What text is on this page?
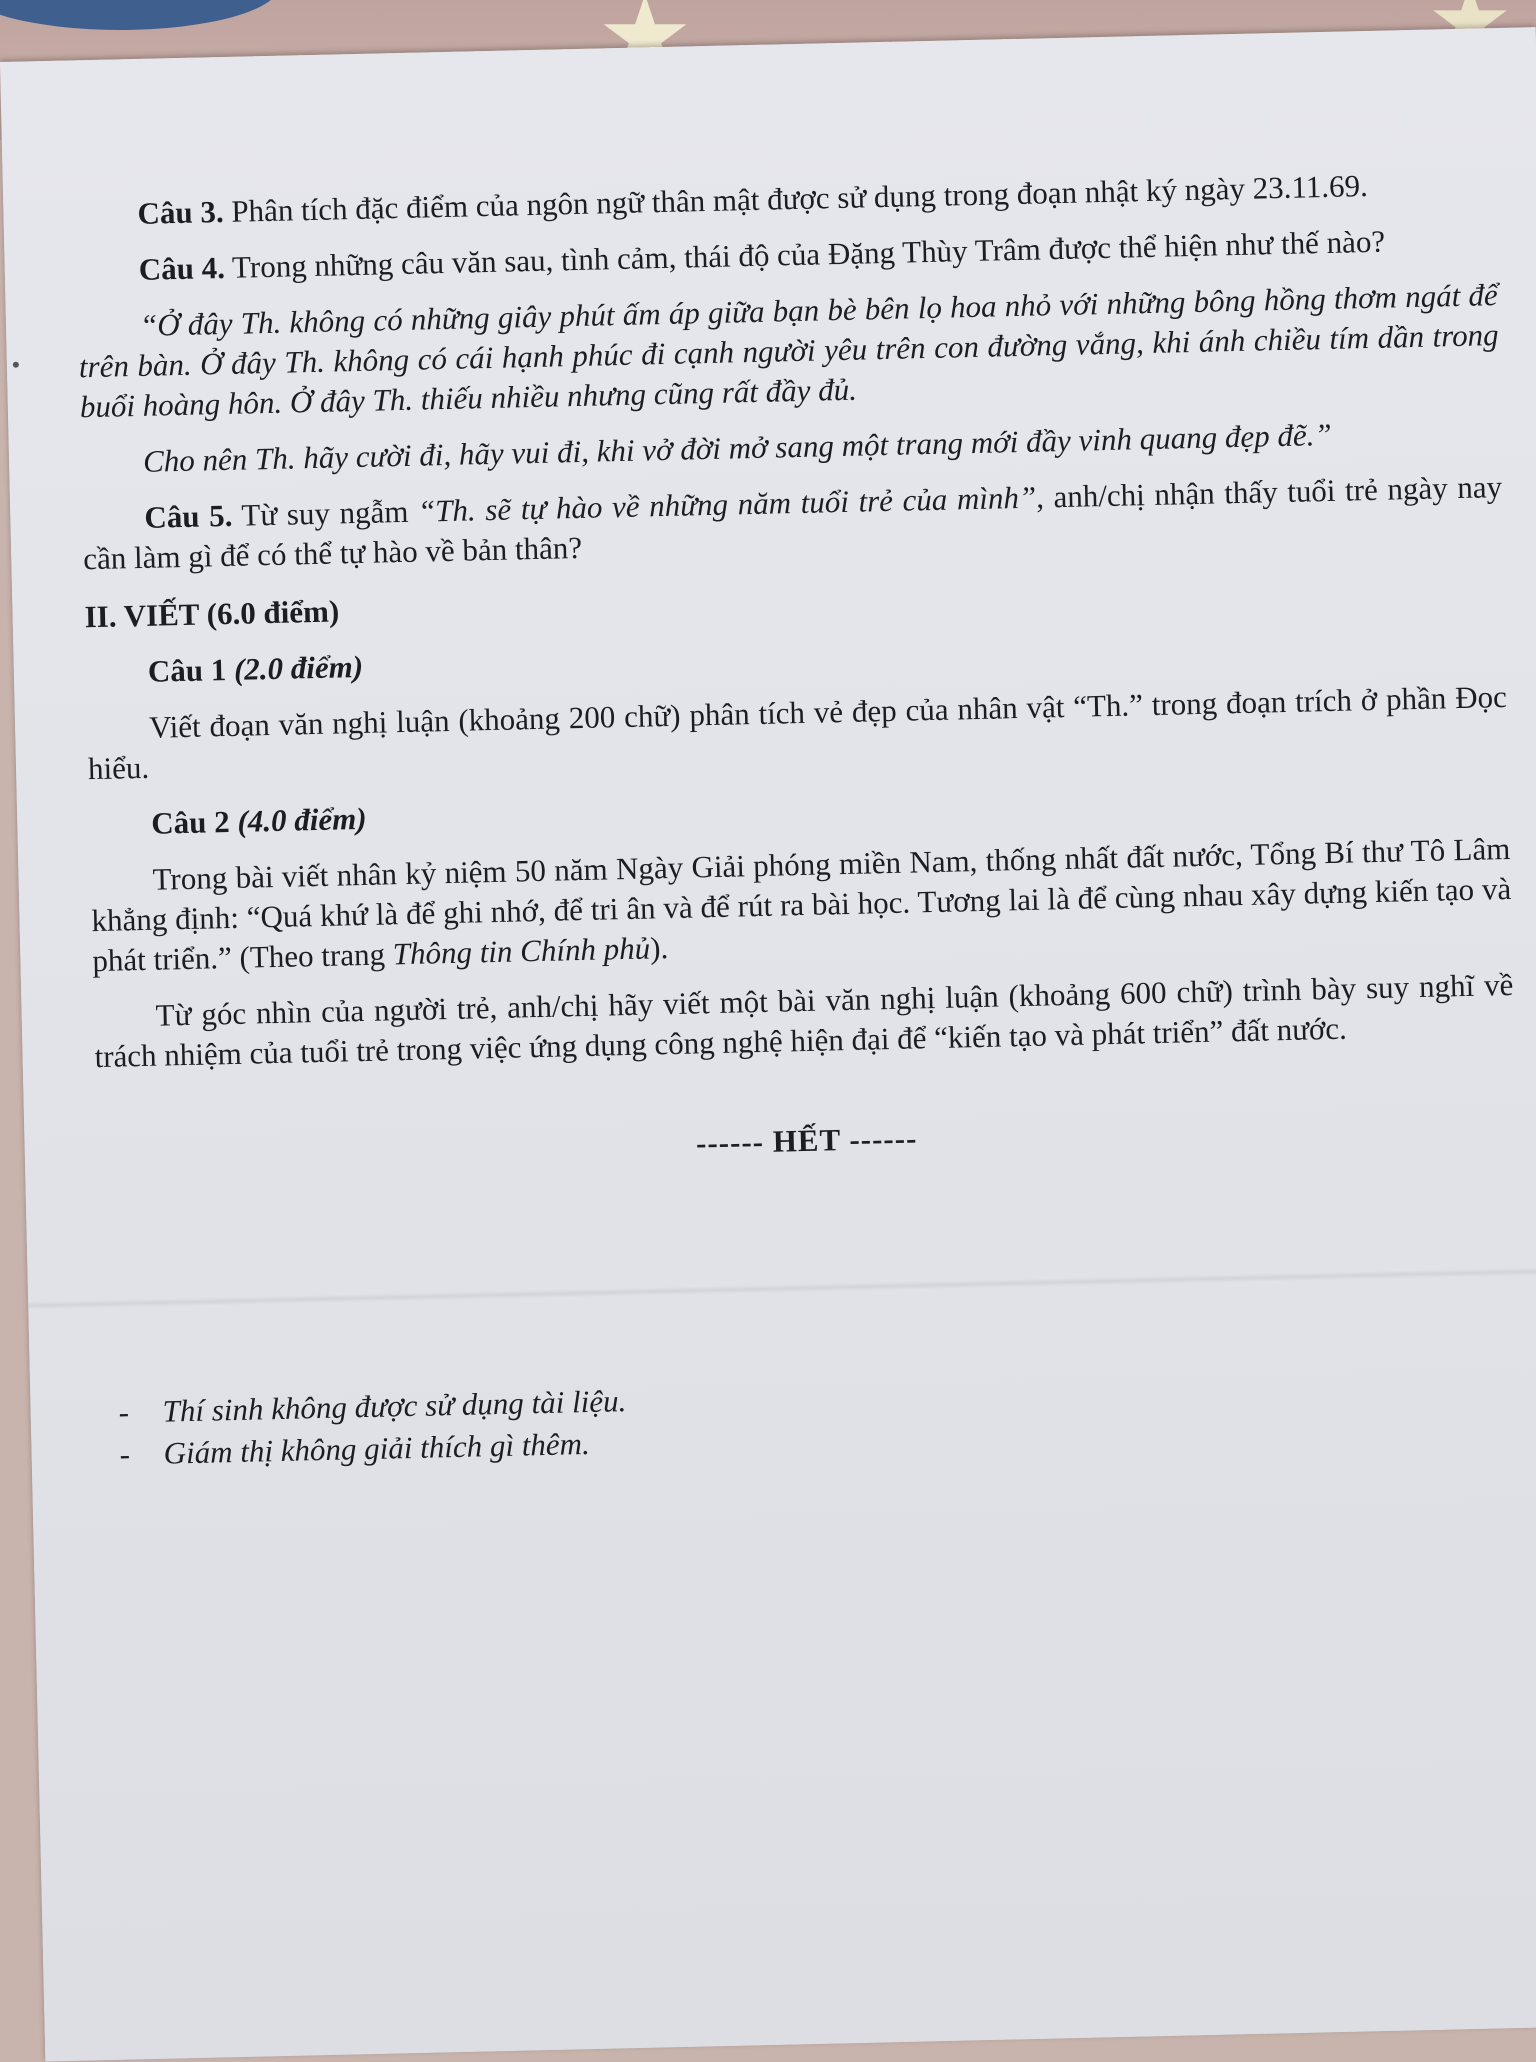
Câu 3. Phân tích đặc điểm của ngôn ngữ thân mật được sử dụng trong đoạn nhật ký ngày 23.11.69.

Câu 4. Trong những câu văn sau, tình cảm, thái độ của Đặng Thùy Trâm được thể hiện như thế nào?

“Ở đây Th. không có những giây phút ấm áp giữa bạn bè bên lọ hoa nhỏ với những bông hồng thơm ngát để trên bàn. Ở đây Th. không có cái hạnh phúc đi cạnh người yêu trên con đường vắng, khi ánh chiều tím dần trong buổi hoàng hôn. Ở đây Th. thiếu nhiều nhưng cũng rất đầy đủ.

Cho nên Th. hãy cười đi, hãy vui đi, khi vở đời mở sang một trang mới đầy vinh quang đẹp đẽ.”

Câu 5. Từ suy ngẫm “Th. sẽ tự hào về những năm tuổi trẻ của mình”, anh/chị nhận thấy tuổi trẻ ngày nay cần làm gì để có thể tự hào về bản thân?

II. VIẾT (6.0 điểm)

Câu 1 (2.0 điểm)

Viết đoạn văn nghị luận (khoảng 200 chữ) phân tích vẻ đẹp của nhân vật “Th.” trong đoạn trích ở phần Đọc hiểu.

Câu 2 (4.0 điểm)

Trong bài viết nhân kỷ niệm 50 năm Ngày Giải phóng miền Nam, thống nhất đất nước, Tổng Bí thư Tô Lâm khẳng định: “Quá khứ là để ghi nhớ, để tri ân và để rút ra bài học. Tương lai là để cùng nhau xây dựng kiến tạo và phát triển.” (Theo trang Thông tin Chính phủ).

Từ góc nhìn của người trẻ, anh/chị hãy viết một bài văn nghị luận (khoảng 600 chữ) trình bày suy nghĩ về trách nhiệm của tuổi trẻ trong việc ứng dụng công nghệ hiện đại để “kiến tạo và phát triển” đất nước.

------ HẾT ------

- Thí sinh không được sử dụng tài liệu.
- Giám thị không giải thích gì thêm.
